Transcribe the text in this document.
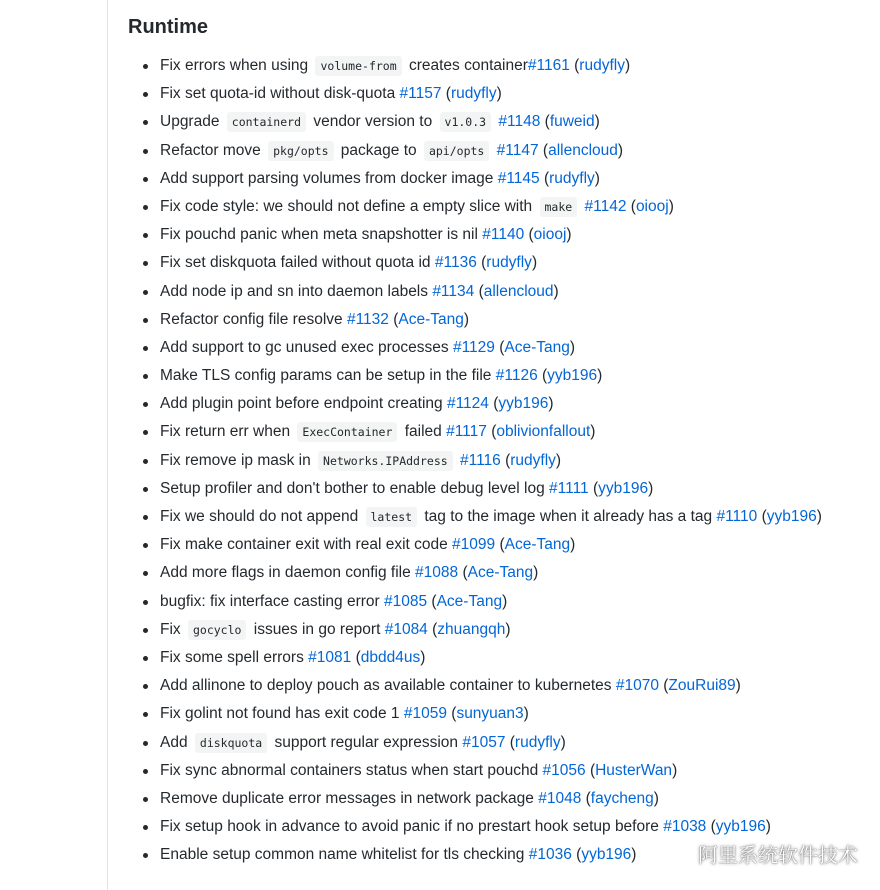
Runtime
Fix errors when using volume-from creates container#1161 (rudyfly)
Fix set quota-id without disk-quota #1157 (rudyfly)
Upgrade containerd vendor version to v1.0.3 #1148 (fuweid)
Refactor move pkg/opts package to api/opts #1147 (allencloud)
Add support parsing volumes from docker image #1145 (rudyfly)
Fix code style: we should not define a empty slice with make #1142 (oiooj)
Fix pouchd panic when meta snapshotter is nil #1140 (oiooj)
Fix set diskquota failed without quota id #1136 (rudyfly)
Add node ip and sn into daemon labels #1134 (allencloud)
Refactor config file resolve #1132 (Ace-Tang)
Add support to gc unused exec processes #1129 (Ace-Tang)
Make TLS config params can be setup in the file #1126 (yyb196)
Add plugin point before endpoint creating #1124 (yyb196)
Fix return err when ExecContainer failed #1117 (oblivionfallout)
Fix remove ip mask in Networks.IPAddress #1116 (rudyfly)
Setup profiler and don't bother to enable debug level log #1111 (yyb196)
Fix we should do not append latest tag to the image when it already has a tag #1110 (yyb196)
Fix make container exit with real exit code #1099 (Ace-Tang)
Add more flags in daemon config file #1088 (Ace-Tang)
bugfix: fix interface casting error #1085 (Ace-Tang)
Fix gocyclo issues in go report #1084 (zhuangqh)
Fix some spell errors #1081 (dbdd4us)
Add allinone to deploy pouch as available container to kubernetes #1070 (ZouRui89)
Fix golint not found has exit code 1 #1059 (sunyuan3)
Add diskquota support regular expression #1057 (rudyfly)
Fix sync abnormal containers status when start pouchd #1056 (HusterWan)
Remove duplicate error messages in network package #1048 (faycheng)
Fix setup hook in advance to avoid panic if no prestart hook setup before #1038 (yyb196)
Enable setup common name whitelist for tls checking #1036 (yyb196)	阿里系统软件技术
